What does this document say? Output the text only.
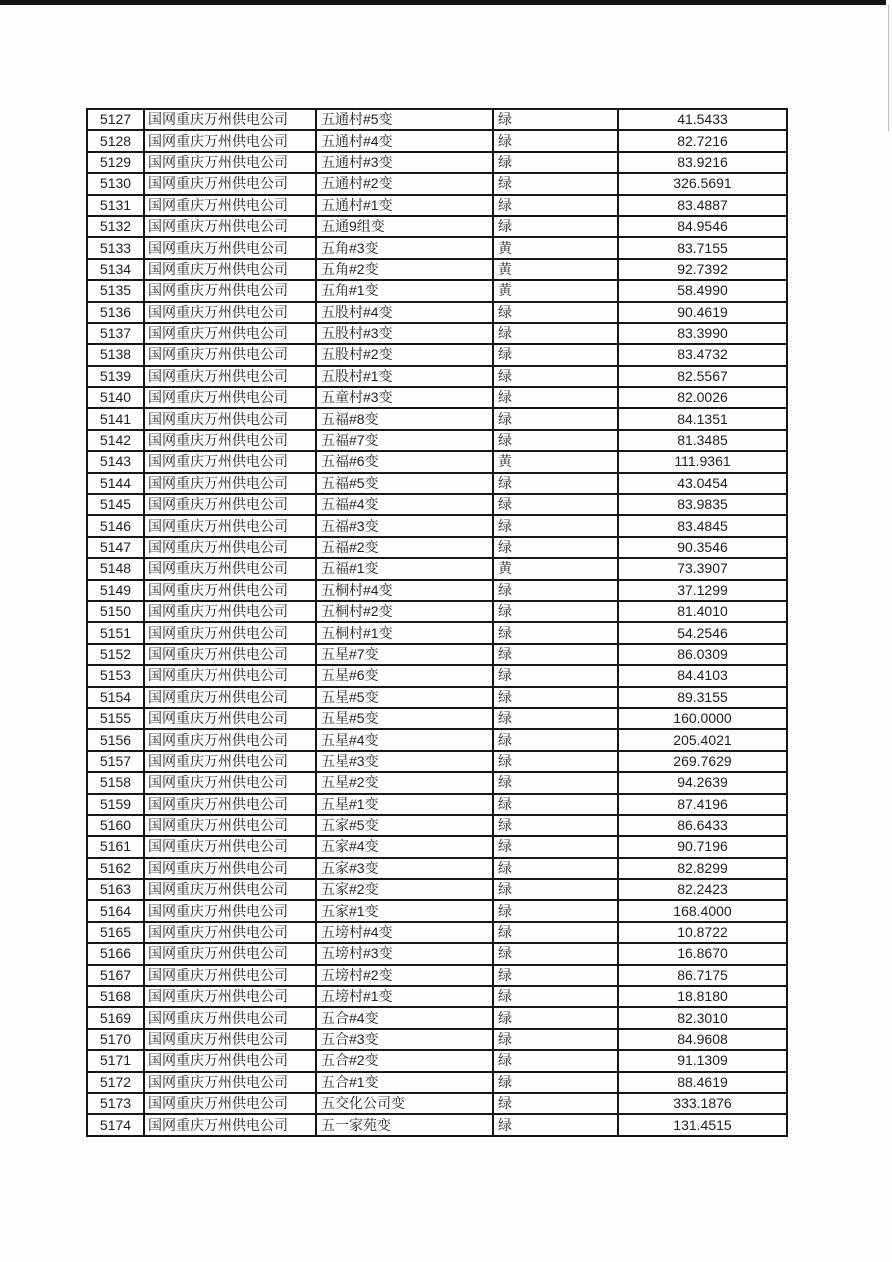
5127	国网重庆万州供电公司	五通村#5变	绿	41.5433
5128	国网重庆万州供电公司	五通村#4变	绿	82.7216
5129	国网重庆万州供电公司	五通村#3变	绿	83.9216
5130	国网重庆万州供电公司	五通村#2变	绿	326.5691
5131	国网重庆万州供电公司	五通村#1变	绿	83.4887
5132	国网重庆万州供电公司	五通9组变	绿	84.9546
5133	国网重庆万州供电公司	五角#3变	黄	83.7155
5134	国网重庆万州供电公司	五角#2变	黄	92.7392
5135	国网重庆万州供电公司	五角#1变	黄	58.4990
5136	国网重庆万州供电公司	五股村#4变	绿	90.4619
5137	国网重庆万州供电公司	五股村#3变	绿	83.3990
5138	国网重庆万州供电公司	五股村#2变	绿	83.4732
5139	国网重庆万州供电公司	五股村#1变	绿	82.5567
5140	国网重庆万州供电公司	五童村#3变	绿	82.0026
5141	国网重庆万州供电公司	五福#8变	绿	84.1351
5142	国网重庆万州供电公司	五福#7变	绿	81.3485
5143	国网重庆万州供电公司	五福#6变	黄	111.9361
5144	国网重庆万州供电公司	五福#5变	绿	43.0454
5145	国网重庆万州供电公司	五福#4变	绿	83.9835
5146	国网重庆万州供电公司	五福#3变	绿	83.4845
5147	国网重庆万州供电公司	五福#2变	绿	90.3546
5148	国网重庆万州供电公司	五福#1变	黄	73.3907
5149	国网重庆万州供电公司	五桐村#4变	绿	37.1299
5150	国网重庆万州供电公司	五桐村#2变	绿	81.4010
5151	国网重庆万州供电公司	五桐村#1变	绿	54.2546
5152	国网重庆万州供电公司	五星#7变	绿	86.0309
5153	国网重庆万州供电公司	五星#6变	绿	84.4103
5154	国网重庆万州供电公司	五星#5变	绿	89.3155
5155	国网重庆万州供电公司	五星#5变	绿	160.0000
5156	国网重庆万州供电公司	五星#4变	绿	205.4021
5157	国网重庆万州供电公司	五星#3变	绿	269.7629
5158	国网重庆万州供电公司	五星#2变	绿	94.2639
5159	国网重庆万州供电公司	五星#1变	绿	87.4196
5160	国网重庆万州供电公司	五家#5变	绿	86.6433
5161	国网重庆万州供电公司	五家#4变	绿	90.7196
5162	国网重庆万州供电公司	五家#3变	绿	82.8299
5163	国网重庆万州供电公司	五家#2变	绿	82.2423
5164	国网重庆万州供电公司	五家#1变	绿	168.4000
5165	国网重庆万州供电公司	五塝村#4变	绿	10.8722
5166	国网重庆万州供电公司	五塝村#3变	绿	16.8670
5167	国网重庆万州供电公司	五塝村#2变	绿	86.7175
5168	国网重庆万州供电公司	五塝村#1变	绿	18.8180
5169	国网重庆万州供电公司	五合#4变	绿	82.3010
5170	国网重庆万州供电公司	五合#3变	绿	84.9608
5171	国网重庆万州供电公司	五合#2变	绿	91.1309
5172	国网重庆万州供电公司	五合#1变	绿	88.4619
5173	国网重庆万州供电公司	五交化公司变	绿	333.1876
5174	国网重庆万州供电公司	五一家苑变	绿	131.4515
